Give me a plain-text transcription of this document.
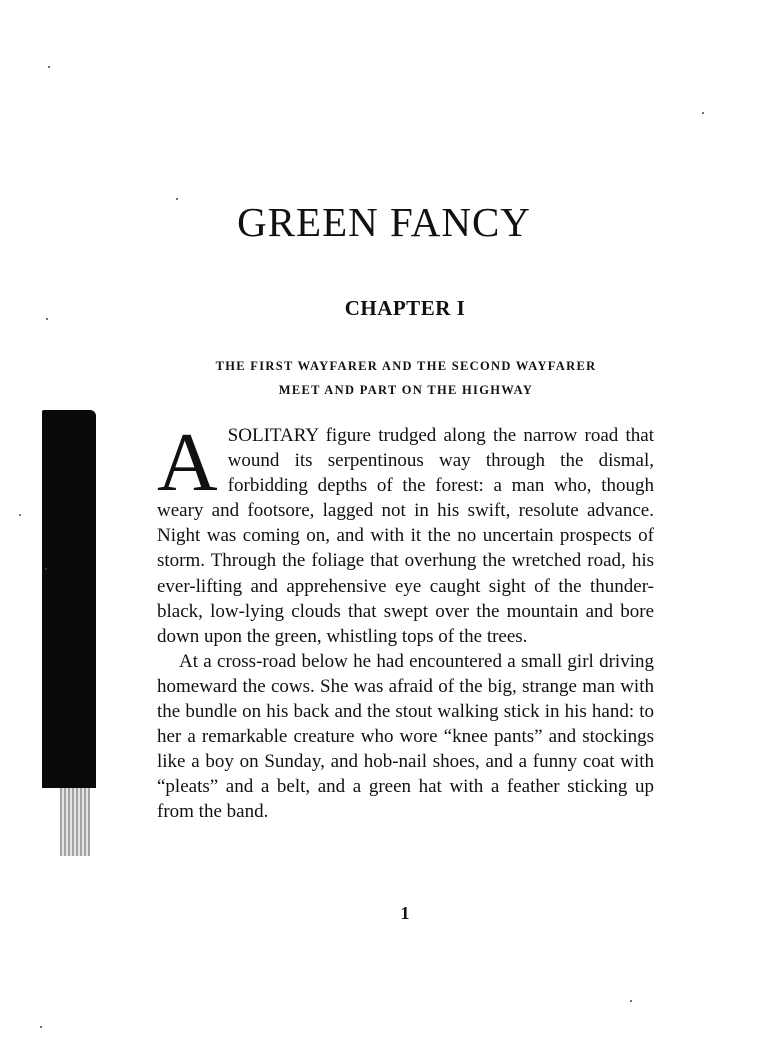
GREEN FANCY
CHAPTER I
THE FIRST WAYFARER AND THE SECOND WAYFARER
MEET AND PART ON THE HIGHWAY

ASOLITARY figure trudged along the narrow road that wound its serpentinous way through the dismal, forbidding depths of the forest: a man who, though weary and footsore, lagged not in his swift, resolute advance. Night was coming on, and with it the no uncertain prospects of storm. Through the foliage that overhung the wretched road, his ever-lifting and apprehensive eye caught sight of the thunder-black, low-lying clouds that swept over the mountain and bore down upon the green, whistling tops of the trees.

At a cross-road below he had encountered a small girl driving homeward the cows. She was afraid of the big, strange man with the bundle on his back and the stout walking stick in his hand: to her a remarkable creature who wore “knee pants” and stockings like a boy on Sunday, and hob-nail shoes, and a funny coat with “pleats” and a belt, and a green hat with a feather sticking up from the band.

1
